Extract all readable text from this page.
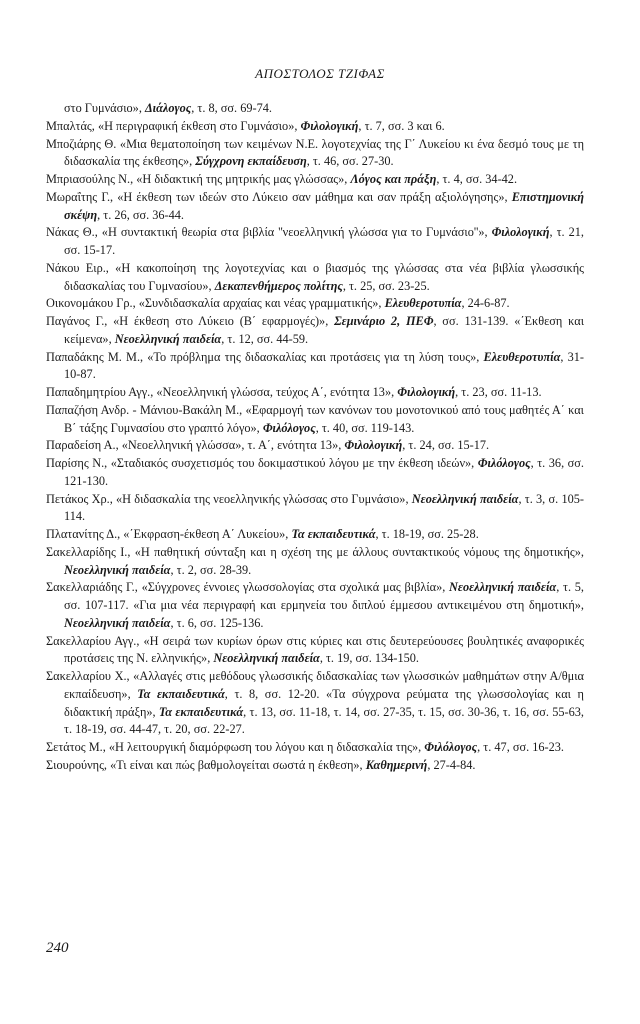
ΑΠΟΣΤΟΛΟΣ ΤΖΙΦΑΣ

στο Γυμνάσιο», Διάλογος, τ. 8, σσ. 69-74.

Μπαλτάς, «Η περιγραφική έκθεση στο Γυμνάσιο», Φιλολογική, τ. 7, σσ. 3 και 6.

Μποζιάρης Θ. «Μια θεματοποίηση των κειμένων Ν.Ε. λογοτεχνίας της Γ΄ Λυκείου κι ένα δεσμό τους με τη διδασκαλία της έκθεσης», Σύγχρονη εκπαίδευση, τ. 46, σσ. 27-30.

Μπριασούλης Ν., «Η διδακτική της μητρικής μας γλώσσας», Λόγος και πράξη, τ. 4, σσ. 34-42.

Μωραΐτης Γ., «Η έκθεση των ιδεών στο Λύκειο σαν μάθημα και σαν πράξη αξιολόγησης», Επιστημονική σκέψη, τ. 26, σσ. 36-44.

Νάκας Θ., «Η συντακτική θεωρία στα βιβλία ''νεοελληνική γλώσσα για το Γυμνάσιο''», Φιλολογική, τ. 21, σσ. 15-17.

Νάκου Ειρ., «Η κακοποίηση της λογοτεχνίας και ο βιασμός της γλώσσας στα νέα βιβλία γλωσσικής διδασκαλίας του Γυμνασίου», Δεκαπενθήμερος πολίτης, τ. 25, σσ. 23-25.

Οικονομάκου Γρ., «Συνδιδασκαλία αρχαίας και νέας γραμματικής», Ελευθεροτυπία, 24-6-87.

Παγάνος Γ., «Η έκθεση στο Λύκειο (Β΄ εφαρμογές)», Σεμινάριο 2, ΠΕΦ, σσ. 131-139. «΄Εκθεση και κείμενα», Νεοελληνική παιδεία, τ. 12, σσ. 44-59.

Παπαδάκης Μ. Μ., «Το πρόβλημα της διδασκαλίας και προτάσεις για τη λύση τους», Ελευθεροτυπία, 31-10-87.

Παπαδημητρίου Αγγ., «Νεοελληνική γλώσσα, τεύχος Α΄, ενότητα 13», Φιλολογική, τ. 23, σσ. 11-13.

Παπαζήση Ανδρ. - Μάνιου-Βακάλη Μ., «Εφαρμογή των κανόνων του μονοτονικού από τους μαθητές Α΄ και Β΄ τάξης Γυμνασίου στο γραπτό λόγο», Φιλόλογος, τ. 40, σσ. 119-143.

Παραδείση Α., «Νεοελληνική γλώσσα», τ. Α΄, ενότητα 13», Φιλολογική, τ. 24, σσ. 15-17.

Παρίσης Ν., «Σταδιακός συσχετισμός του δοκιμαστικού λόγου με την έκθεση ιδεών», Φιλόλογος, τ. 36, σσ. 121-130.

Πετάκος Χρ., «Η διδασκαλία της νεοελληνικής γλώσσας στο Γυμνάσιο», Νεοελληνική παιδεία, τ. 3, σ. 105-114.

Πλατανίτης Δ., «΄Εκφραση-έκθεση Α΄ Λυκείου», Τα εκπαιδευτικά, τ. 18-19, σσ. 25-28.

Σακελλαρίδης Ι., «Η παθητική σύνταξη και η σχέση της με άλλους συντακτικούς νόμους της δημοτικής», Νεοελληνική παιδεία, τ. 2, σσ. 28-39.

Σακελλαριάδης Γ., «Σύγχρονες έννοιες γλωσσολογίας στα σχολικά μας βιβλία», Νεοελληνική παιδεία, τ. 5, σσ. 107-117. «Για μια νέα περιγραφή και ερμηνεία του διπλού έμμεσου αντικειμένου στη δημοτική», Νεοελληνική παιδεία, τ. 6, σσ. 125-136.

Σακελλαρίου Αγγ., «Η σειρά των κυρίων όρων στις κύριες και στις δευτερεύουσες βουλητικές αναφορικές προτάσεις της Ν. ελληνικής», Νεοελληνική παιδεία, τ. 19, σσ. 134-150.

Σακελλαρίου Χ., «Αλλαγές στις μεθόδους γλωσσικής διδασκαλίας των γλωσσικών μαθημάτων στην Α/θμια εκπαίδευση», Τα εκπαιδευτικά, τ. 8, σσ. 12-20. «Τα σύγχρονα ρεύματα της γλωσσολογίας και η διδακτική πράξη», Τα εκπαιδευτικά, τ. 13, σσ. 11-18, τ. 14, σσ. 27-35, τ. 15, σσ. 30-36, τ. 16, σσ. 55-63, τ. 18-19, σσ. 44-47, τ. 20, σσ. 22-27.

Σετάτος Μ., «Η λειτουργική διαμόρφωση του λόγου και η διδασκαλία της», Φιλόλογος, τ. 47, σσ. 16-23.

Σιουρούνης, «Τι είναι και πώς βαθμολογείται σωστά η έκθεση», Καθημερινή, 27-4-84.

240
